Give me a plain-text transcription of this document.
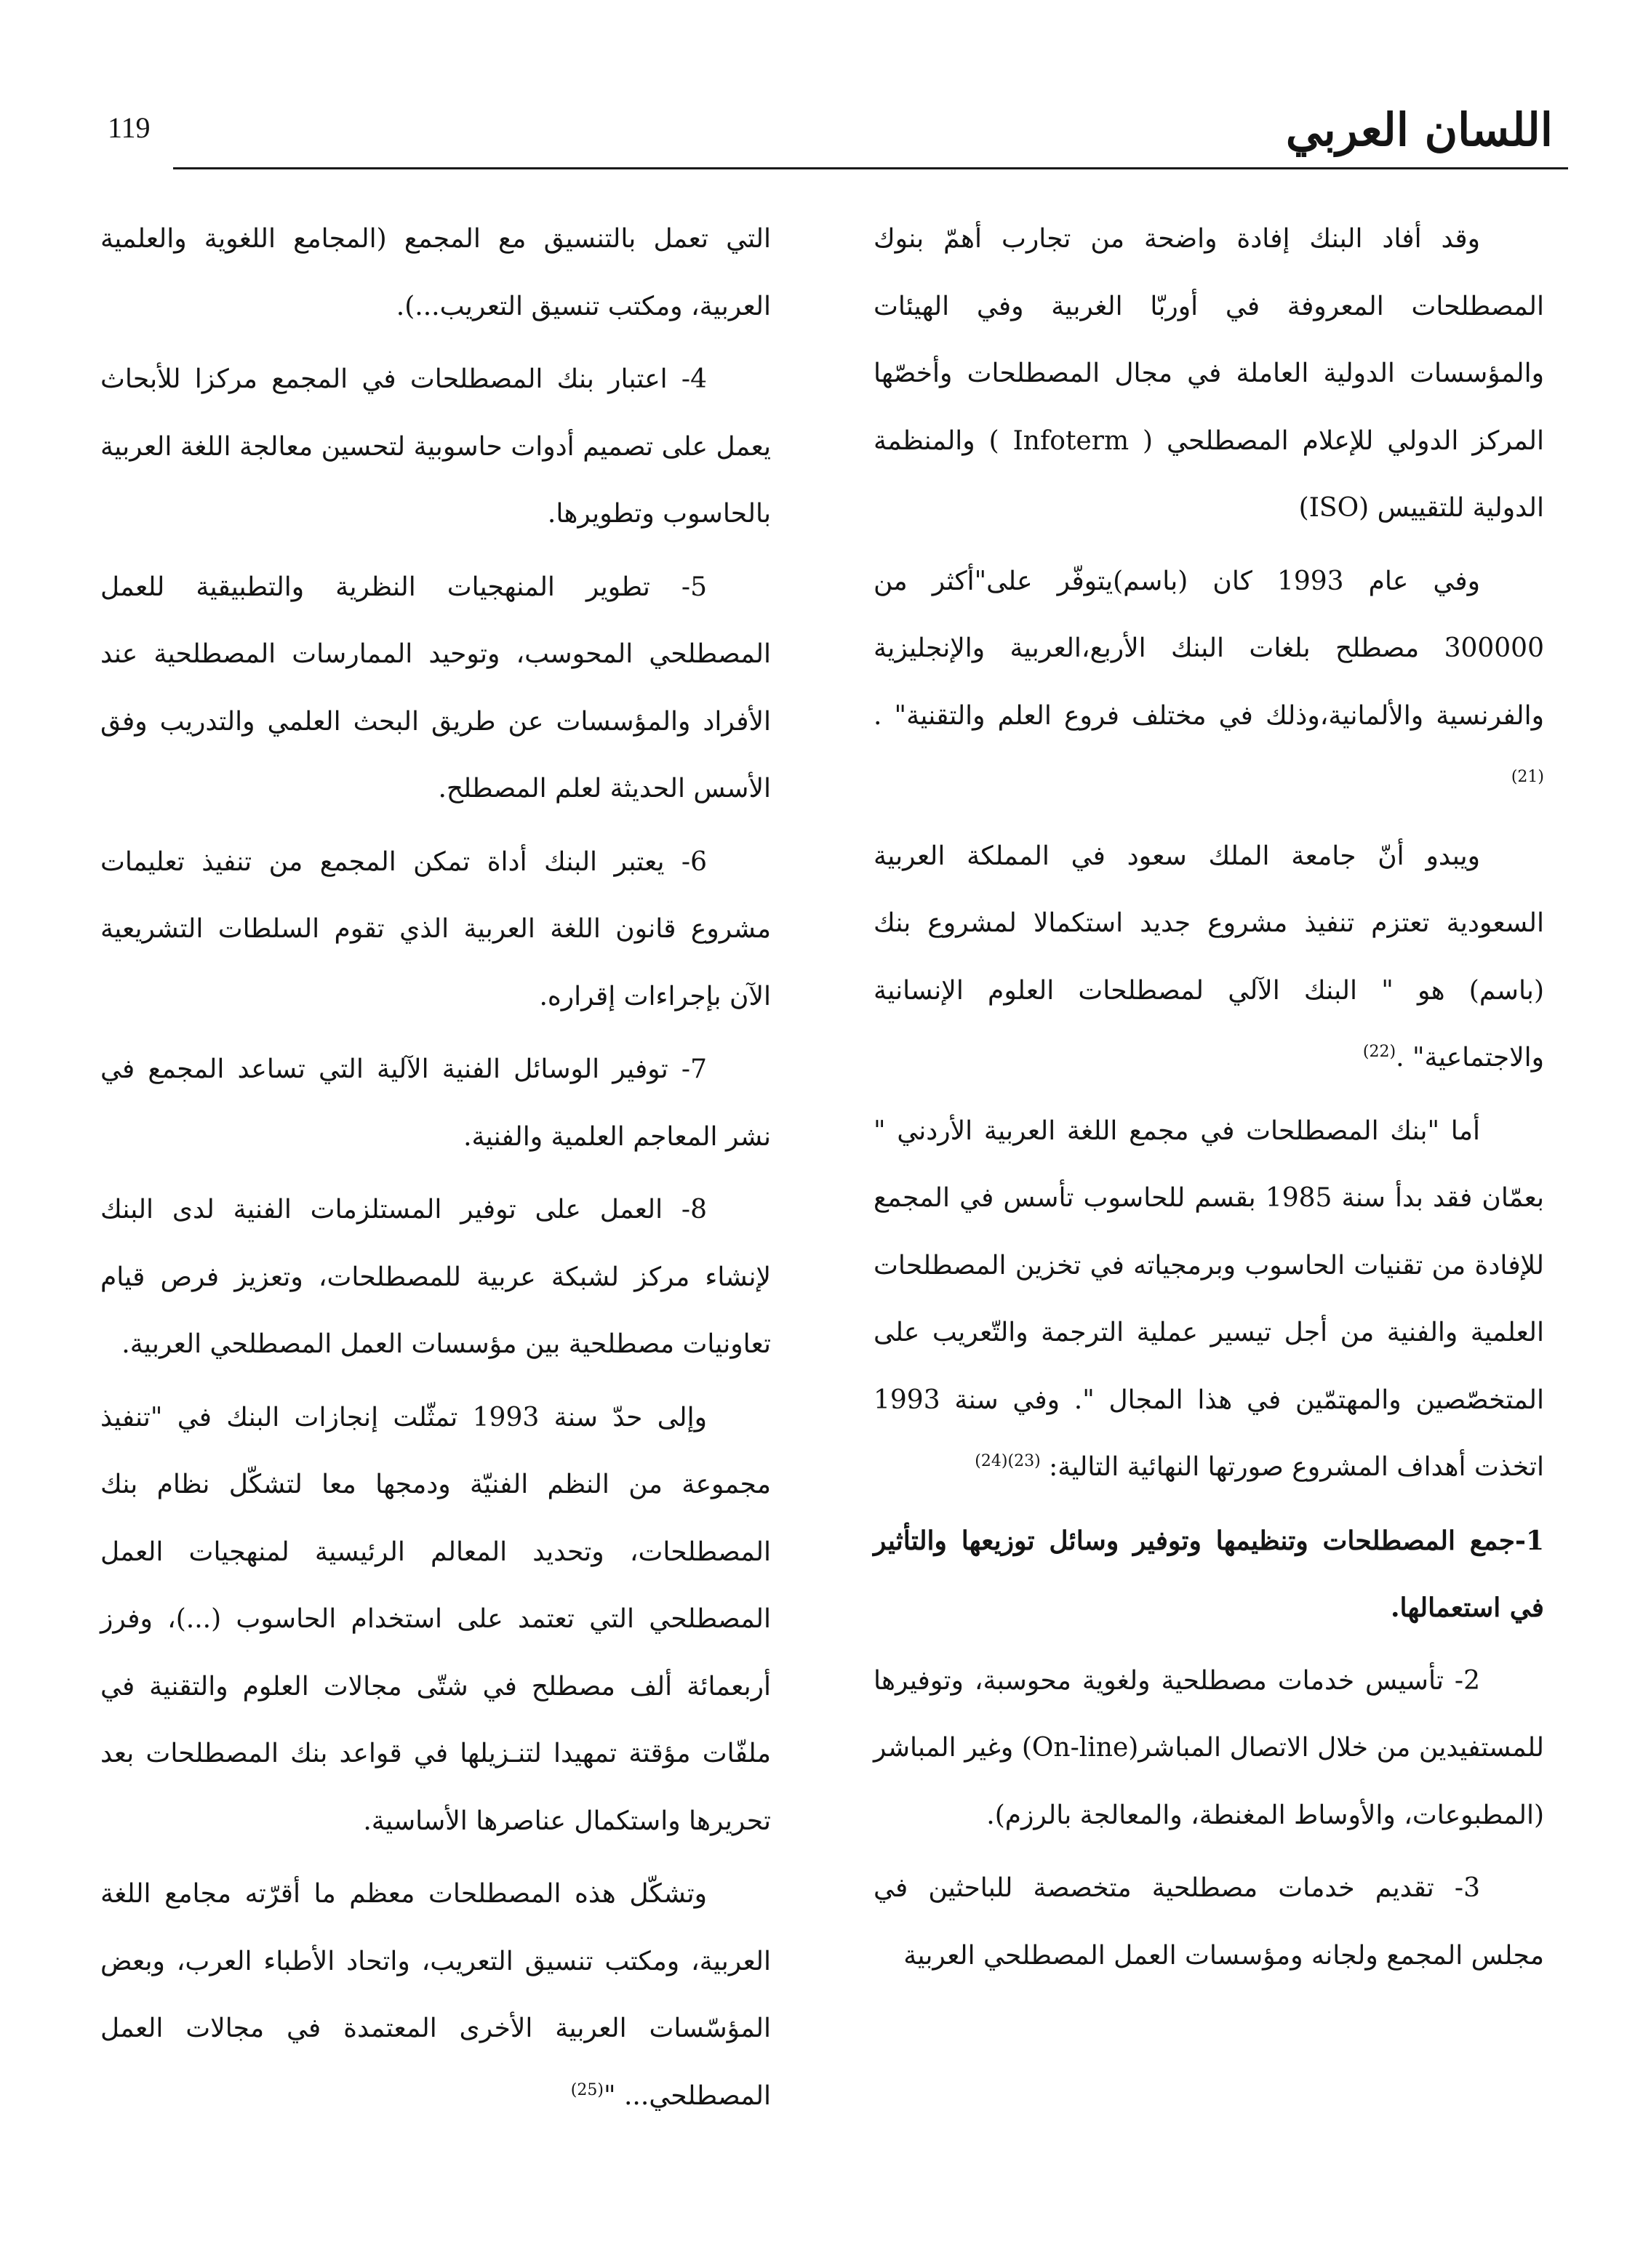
119	اللسان العربي

وقد أفاد البنك إفادة واضحة من تجارب أهمّ بنوك المصطلحات المعروفة في أوربّا الغربية وفي الهيئات والمؤسسات الدولية العاملة في مجال المصطلحات وأخصّها المركز الدولي للإعلام المصطلحي ( Infoterm ) والمنظمة الدولية للتقييس (ISO)

وفي عام 1993 كان (باسم)يتوفّر على"أكثر من 300000 مصطلح بلغات البنك الأربع،العربية والإنجليزية والفرنسية والألمانية،وذلك في مختلف فروع العلم والتقنية" .$^{(21)}$

ويبدو أنّ جامعة الملك سعود في المملكة العربية السعودية تعتزم تنفيذ مشروع جديد استكمالا لمشروع بنك (باسم) هو " البنك الآلي لمصطلحات العلوم الإنسانية والاجتماعية" .$^{(22)}$

أما "بنك المصطلحات في مجمع اللغة العربية الأردني " بعمّان فقد بدأ سنة 1985 بقسم للحاسوب تأسس في المجمع للإفادة من تقنيات الحاسوب وبرمجياته في تخزين المصطلحات العلمية والفنية من أجل تيسير عملية الترجمة والتّعريب على المتخصّصين والمهتمّين في هذا المجال ". وفي سنة 1993 اتخذت أهداف المشروع صورتها النهائية التالية: $^{(23)(24)}$

1-جمع المصطلحات وتنظيمها وتوفير وسائل توزيعها والتأثير في استعمالها.

2- تأسيس خدمات مصطلحية ولغوية محوسبة، وتوفيرها للمستفيدين من خلال الاتصال المباشر(On-line) وغير المباشر (المطبوعات، والأوساط المغنطة، والمعالجة بالرزم).

3- تقديم خدمات مصطلحية متخصصة للباحثين في مجلس المجمع ولجانه ومؤسسات العمل المصطلحي العربية

التي تعمل بالتنسيق مع المجمع (المجامع اللغوية والعلمية العربية، ومكتب تنسيق التعريب...).

4- اعتبار بنك المصطلحات في المجمع مركزا للأبحاث يعمل على تصميم أدوات حاسوبية لتحسين معالجة اللغة العربية بالحاسوب وتطويرها.

5- تطوير المنهجيات النظرية والتطبيقية للعمل المصطلحي المحوسب، وتوحيد الممارسات المصطلحية عند الأفراد والمؤسسات عن طريق البحث العلمي والتدريب وفق الأسس الحديثة لعلم المصطلح.

6- يعتبر البنك أداة تمكن المجمع من تنفيذ تعليمات مشروع قانون اللغة العربية الذي تقوم السلطات التشريعية الآن بإجراءات إقراره.

7- توفير الوسائل الفنية الآلية التي تساعد المجمع في نشر المعاجم العلمية والفنية.

8- العمل على توفير المستلزمات الفنية لدى البنك لإنشاء مركز لشبكة عربية للمصطلحات، وتعزيز فرص قيام تعاونيات مصطلحية بين مؤسسات العمل المصطلحي العربية.

وإلى حدّ سنة 1993 تمثّلت إنجازات البنك في "تنفيذ مجموعة من النظم الفنيّة ودمجها معا لتشكّل نظام بنك المصطلحات، وتحديد المعالم الرئيسية لمنهجيات العمل المصطلحي التي تعتمد على استخدام الحاسوب (...)، وفرز أربعمائة ألف مصطلح في شتّى مجالات العلوم والتقنية في ملفّات مؤقتة تمهيدا لتنـزيلها في قواعد بنك المصطلحات بعد تحريرها واستكمال عناصرها الأساسية.

وتشكّل هذه المصطلحات معظم ما أقرّته مجامع اللغة العربية، ومكتب تنسيق التعريب، واتحاد الأطباء العرب، وبعض المؤسّسات العربية الأخرى المعتمدة في مجالات العمل المصطلحي... "$^{(25)}$
